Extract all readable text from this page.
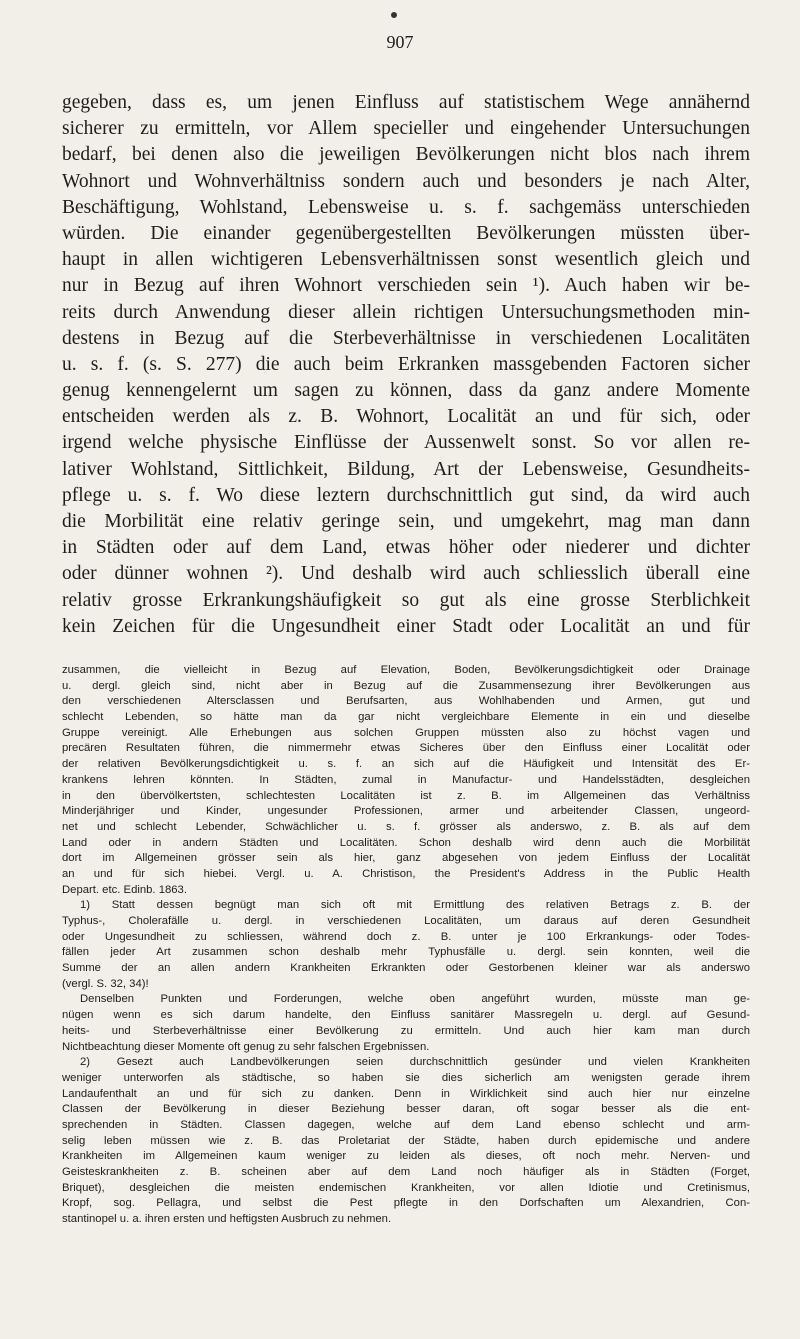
907
gegeben, dass es, um jenen Einfluss auf statistischem Wege annähernd
sicherer zu ermitteln, vor Allem specieller und eingehender Untersuchungen
bedarf, bei denen also die jeweiligen Bevölkerungen nicht blos nach ihrem
Wohnort und Wohnverhältniss sondern auch und besonders je nach Alter,
Beschäftigung, Wohlstand, Lebensweise u. s. f. sachgemäss unterschieden
würden. Die einander gegenübergestellten Bevölkerungen müssten über-
haupt in allen wichtigeren Lebensverhältnissen sonst wesentlich gleich und
nur in Bezug auf ihren Wohnort verschieden sein ¹). Auch haben wir be-
reits durch Anwendung dieser allein richtigen Untersuchungsmethoden min-
destens in Bezug auf die Sterbeverhältnisse in verschiedenen Localitäten
u. s. f. (s. S. 277) die auch beim Erkranken massgebenden Factoren sicher
genug kennengelernt um sagen zu können, dass da ganz andere Momente
entscheiden werden als z. B. Wohnort, Localität an und für sich, oder
irgend welche physische Einflüsse der Aussenwelt sonst. So vor allen re-
lativer Wohlstand, Sittlichkeit, Bildung, Art der Lebensweise, Gesundheits-
pflege u. s. f. Wo diese leztern durchschnittlich gut sind, da wird auch
die Morbilität eine relativ geringe sein, und umgekehrt, mag man dann
in Städten oder auf dem Land, etwas höher oder niederer und dichter
oder dünner wohnen ²). Und deshalb wird auch schliesslich überall eine
relativ grosse Erkrankungshäufigkeit so gut als eine grosse Sterblichkeit
kein Zeichen für die Ungesundheit einer Stadt oder Localität an und für
zusammen, die vielleicht in Bezug auf Elevation, Boden, Bevölkerungsdichtigkeit oder Drainage
u. dergl. gleich sind, nicht aber in Bezug auf die Zusammensezung ihrer Bevölkerungen aus
den verschiedenen Altersclassen und Berufsarten, aus Wohlhabenden und Armen, gut und
schlecht Lebenden, so hätte man da gar nicht vergleichbare Elemente in ein und dieselbe
Gruppe vereinigt. Alle Erhebungen aus solchen Gruppen müssten also zu höchst vagen und
precären Resultaten führen, die nimmermehr etwas Sicheres über den Einfluss einer Localität oder
der relativen Bevölkerungsdichtigkeit u. s. f. an sich auf die Häufigkeit und Intensität des Er-
krankens lehren könnten. In Städten, zumal in Manufactur- und Handelsstädten, desgleichen
in den übervölkertsten, schlechtesten Localitäten ist z. B. im Allgemeinen das Verhältniss
Minderjähriger und Kinder, ungesunder Professionen, armer und arbeitender Classen, ungeord-
net und schlecht Lebender, Schwächlicher u. s. f. grösser als anderswo, z. B. als auf dem
Land oder in andern Städten und Localitäten. Schon deshalb wird denn auch die Morbilität
dort im Allgemeinen grösser sein als hier, ganz abgesehen von jedem Einfluss der Localität
an und für sich hiebei. Vergl. u. A. Christison, the President's Address in the Public Health
Depart. etc. Edinb. 1863.
1) Statt dessen begnügt man sich oft mit Ermittlung des relativen Betrags z. B. der
Typhus-, Cholerafälle u. dergl. in verschiedenen Localitäten, um daraus auf deren Gesundheit
oder Ungesundheit zu schliessen, während doch z. B. unter je 100 Erkrankungs- oder Todes-
fällen jeder Art zusammen schon deshalb mehr Typhusfälle u. dergl. sein konnten, weil die
Summe der an allen andern Krankheiten Erkrankten oder Gestorbenen kleiner war als anderswo
(vergl. S. 32, 34)!
Denselben Punkten und Forderungen, welche oben angeführt wurden, müsste man ge-
nügen wenn es sich darum handelte, den Einfluss sanitärer Massregeln u. dergl. auf Gesund-
heits- und Sterbeverhältnisse einer Bevölkerung zu ermitteln. Und auch hier kam man durch
Nichtbeachtung dieser Momente oft genug zu sehr falschen Ergebnissen.
2) Gesezt auch Landbevölkerungen seien durchschnittlich gesünder und vielen Krankheiten
weniger unterworfen als städtische, so haben sie dies sicherlich am wenigsten gerade ihrem
Landaufenthalt an und für sich zu danken. Denn in Wirklichkeit sind auch hier nur einzelne
Classen der Bevölkerung in dieser Beziehung besser daran, oft sogar besser als die ent-
sprechenden in Städten. Classen dagegen, welche auf dem Land ebenso schlecht und arm-
selig leben müssen wie z. B. das Proletariat der Städte, haben durch epidemische und andere
Krankheiten im Allgemeinen kaum weniger zu leiden als dieses, oft noch mehr. Nerven- und
Geisteskrankheiten z. B. scheinen aber auf dem Land noch häufiger als in Städten (Forget,
Briquet), desgleichen die meisten endemischen Krankheiten, vor allen Idiotie und Cretinismus,
Kropf, sog. Pellagra, und selbst die Pest pflegte in den Dorfschaften um Alexandrien, Con-
stantinopel u. a. ihren ersten und heftigsten Ausbruch zu nehmen.
